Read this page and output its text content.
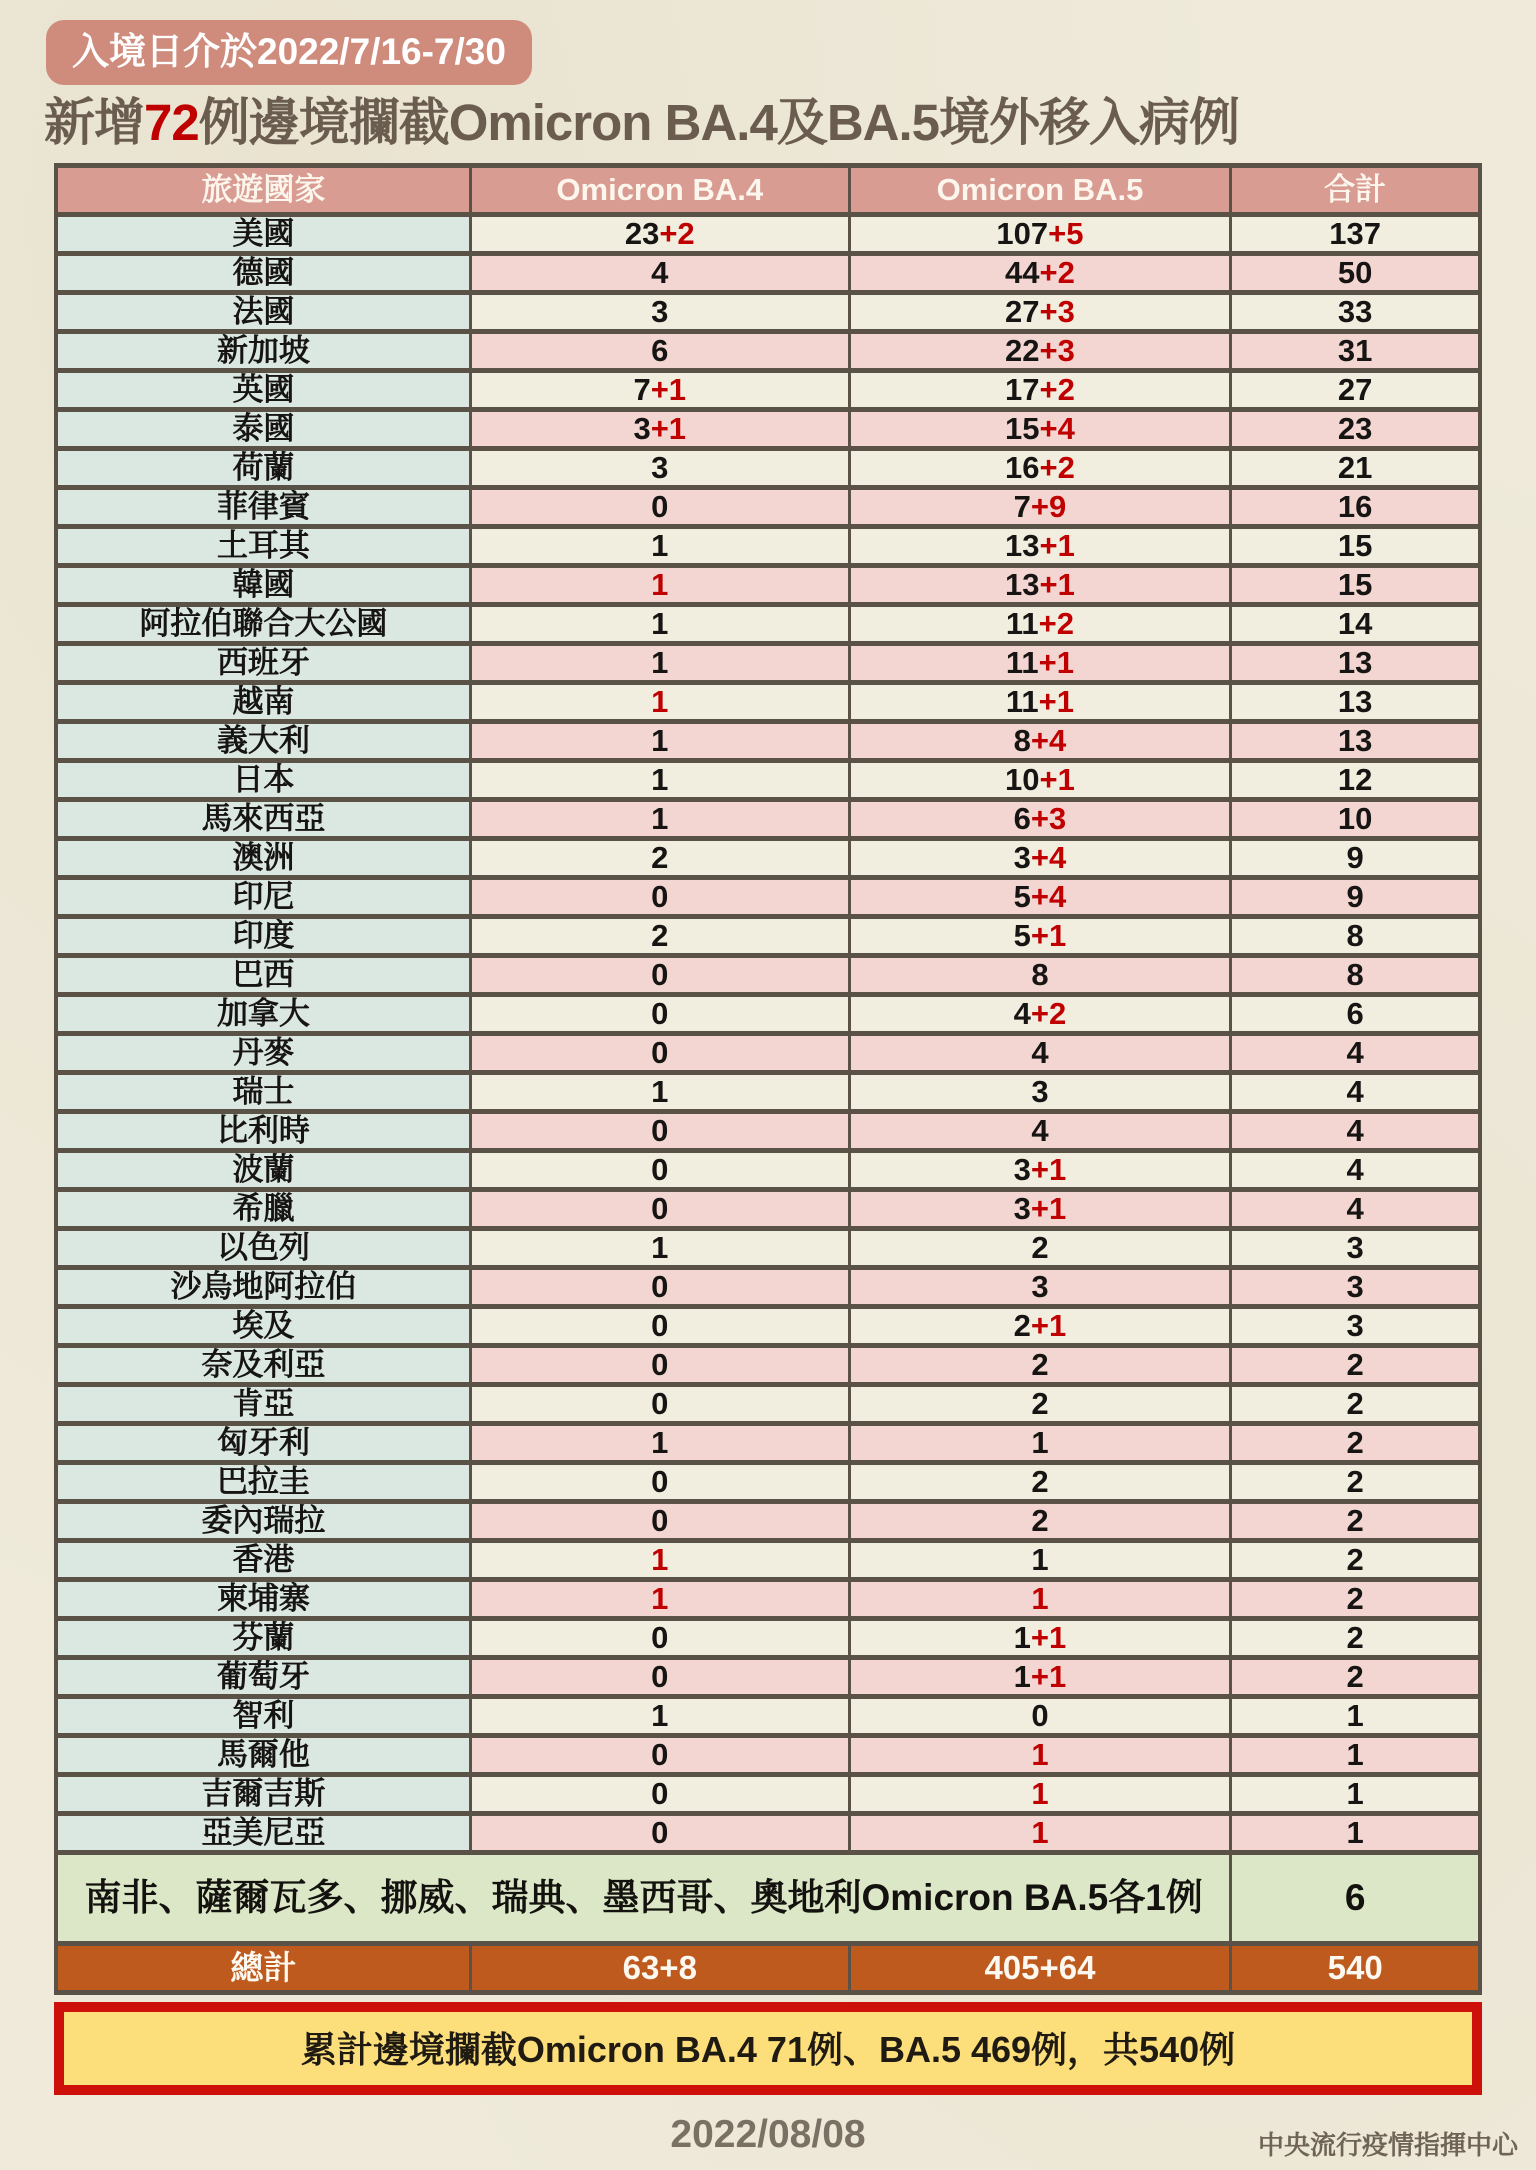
入境日介於2022/7/16-7/30
新增72例邊境攔截Omicron BA.4及BA.5境外移入病例
旅遊國家	Omicron BA.4	Omicron BA.5	合計
美國	23+2	107+5	137
德國	4	44+2	50
法國	3	27+3	33
新加坡	6	22+3	31
英國	7+1	17+2	27
泰國	3+1	15+4	23
荷蘭	3	16+2	21
菲律賓	0	7+9	16
土耳其	1	13+1	15
韓國	1	13+1	15
阿拉伯聯合大公國	1	11+2	14
西班牙	1	11+1	13
越南	1	11+1	13
義大利	1	8+4	13
日本	1	10+1	12
馬來西亞	1	6+3	10
澳洲	2	3+4	9
印尼	0	5+4	9
印度	2	5+1	8
巴西	0	8	8
加拿大	0	4+2	6
丹麥	0	4	4
瑞士	1	3	4
比利時	0	4	4
波蘭	0	3+1	4
希臘	0	3+1	4
以色列	1	2	3
沙烏地阿拉伯	0	3	3
埃及	0	2+1	3
奈及利亞	0	2	2
肯亞	0	2	2
匈牙利	1	1	2
巴拉圭	0	2	2
委內瑞拉	0	2	2
香港	1	1	2
柬埔寨	1	1	2
芬蘭	0	1+1	2
葡萄牙	0	1+1	2
智利	1	0	1
馬爾他	0	1	1
吉爾吉斯	0	1	1
亞美尼亞	0	1	1
南非、薩爾瓦多、挪威、瑞典、墨西哥、奧地利Omicron BA.5各1例			6
總計	63+8	405+64	540
累計邊境攔截Omicron BA.4 71例、BA.5 469例，共540例
2022/08/08	中央流行疫情指揮中心
